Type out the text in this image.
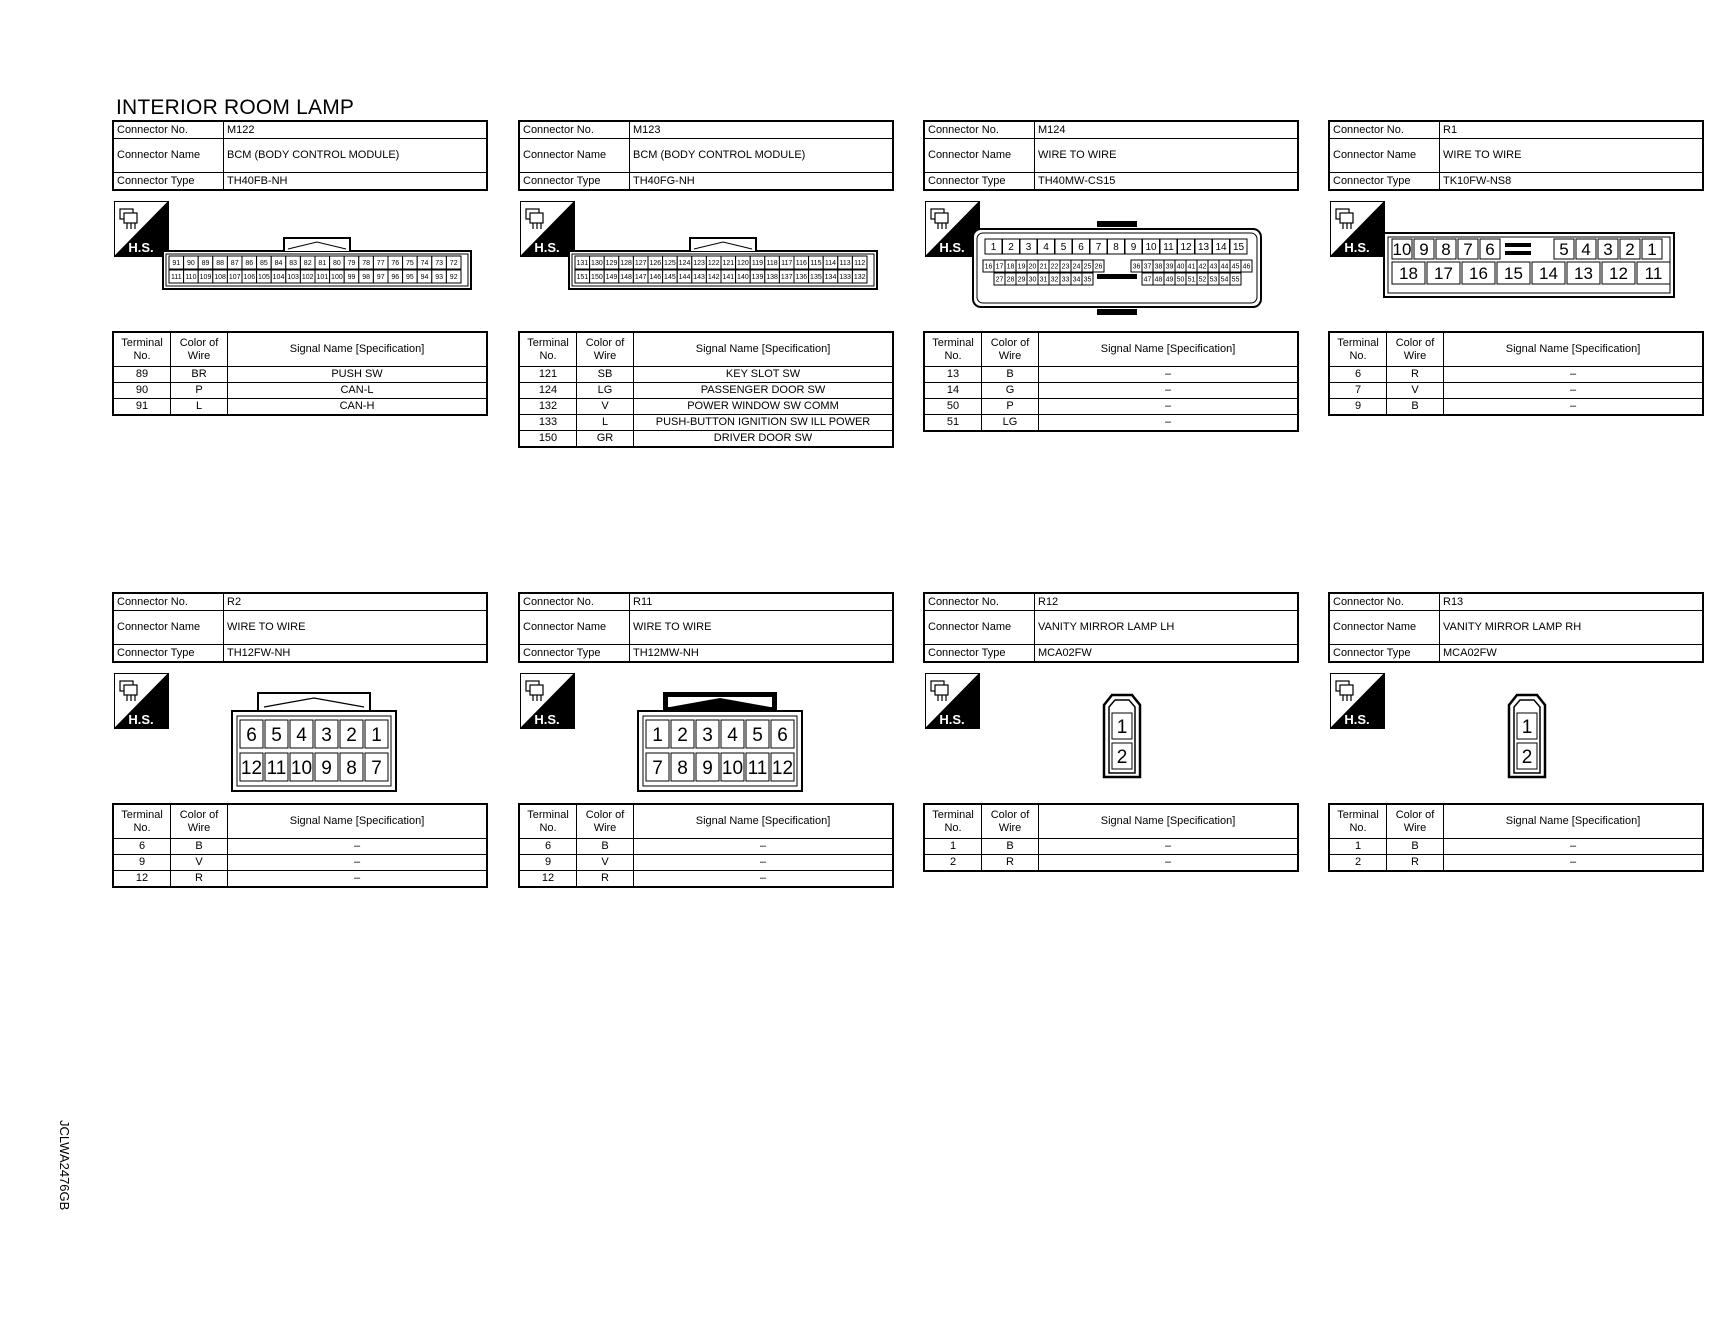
INTERIOR ROOM LAMP
JCLWA2476GB
Connector No.	M122
Connector Name	BCM (BODY CONTROL MODULE)
Connector Type	TH40FB-NH
H.S.
91 90 89 88 87 86 85 84 83 82 81 80 79 78 77 76 75 74 73 72
111 110 109 108 107 106 105 104 103 102 101 100 99 98 97 96 95 94 93 92
Terminal No.	Color of Wire	Signal Name [Specification]
89	BR	PUSH SW
90	P	CAN-L
91	L	CAN-H
Connector No.	M123
Connector Name	BCM (BODY CONTROL MODULE)
Connector Type	TH40FG-NH
H.S.
131 130 129 128 127 126 125 124 123 122 121 120 119 118 117 116 115 114 113 112
151 150 149 148 147 146 145 144 143 142 141 140 139 138 137 136 135 134 133 132
Terminal No.	Color of Wire	Signal Name [Specification]
121	SB	KEY SLOT SW
124	LG	PASSENGER DOOR SW
132	V	POWER WINDOW SW COMM
133	L	PUSH-BUTTON IGNITION SW ILL POWER
150	GR	DRIVER DOOR SW
Connector No.	M124
Connector Name	WIRE TO WIRE
Connector Type	TH40MW-CS15
H.S.	1 2 3 4 5 6 7 8 9 10 11 12 13 14 15
16 17 18 19 20 21 22 23 24 25 26	36 37 38 39 40 41 42 43 44 45 46
27 28 29 30 31 32 33 34 35	47 48 49 50 51 52 53 54 55
Terminal No.	Color of Wire	Signal Name [Specification]
13	B	–
14	G	–
50	P	–
51	LG	–
Connector No.	R1
Connector Name	WIRE TO WIRE
Connector Type	TK10FW-NS8
H.S. 10 9 8 7 6	5 4 3 2 1
18 17 16 15 14 13 12 11
Terminal No.	Color of Wire	Signal Name [Specification]
6	R	–
7	V	–
9	B	–
Connector No.	R2
Connector Name	WIRE TO WIRE
Connector Type	TH12FW-NH
H.S.
6 5 4 3 2 1
12 11 10 9 8 7
Terminal No.	Color of Wire	Signal Name [Specification]
6	B	–
9	V	–
12	R	–
Connector No.	R11
Connector Name	WIRE TO WIRE
Connector Type	TH12MW-NH
H.S.
1 2 3 4 5 6
7 8 9 10 11 12
Terminal No.	Color of Wire	Signal Name [Specification]
6	B	–
9	V	–
12	R	–
Connector No.	R12
Connector Name	VANITY MIRROR LAMP LH
Connector Type	MCA02FW
H.S.	1
2
Terminal No.	Color of Wire	Signal Name [Specification]
1	B	–
2	R	–
Connector No.	R13
Connector Name	VANITY MIRROR LAMP RH
Connector Type	MCA02FW
H.S.	1
2
Terminal No.	Color of Wire	Signal Name [Specification]
1	B	–
2	R	–
